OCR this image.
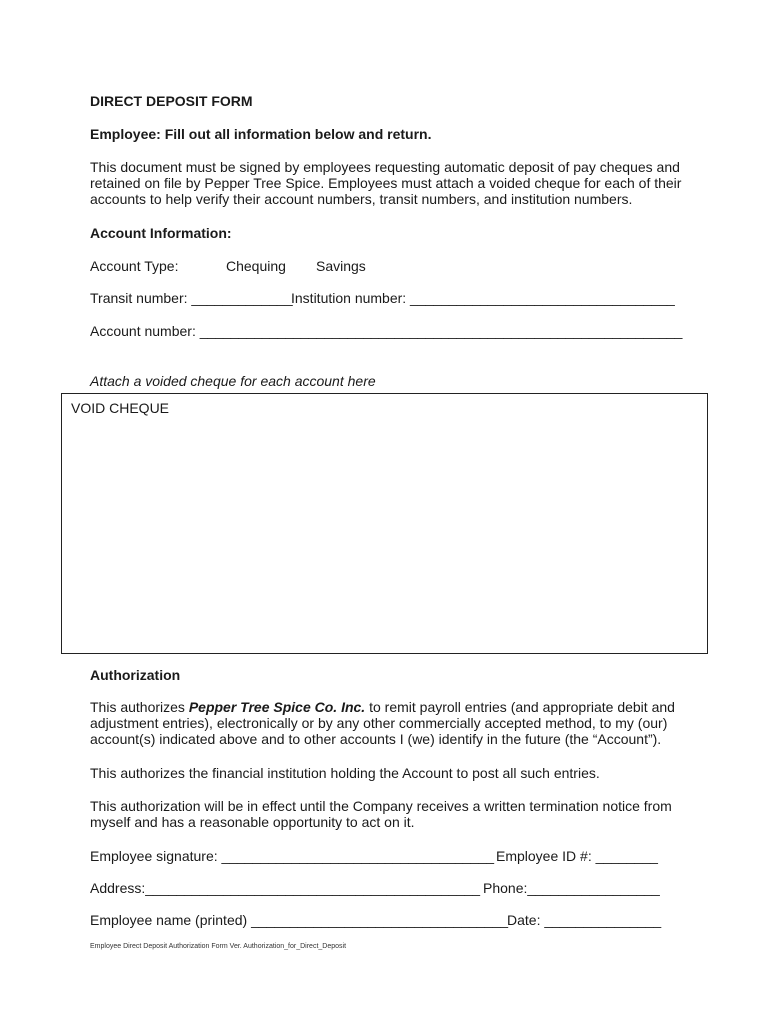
DIRECT DEPOSIT FORM
Employee: Fill out all information below and return.
This document must be signed by employees requesting automatic deposit of pay cheques and retained on file by Pepper Tree Spice. Employees must attach a voided cheque for each of their accounts to help verify their account numbers, transit numbers, and institution numbers.
Account Information:
Account Type:	Chequing Savings
Transit number: _____________
Institution number: __________________________________
Account number: ______________________________________________________________
Attach a voided cheque for each account here
VOID CHEQUE
Authorization
This authorizes Pepper Tree Spice Co. Inc. to remit payroll entries (and appropriate debit and adjustment entries), electronically or by any other commercially accepted method, to my (our) account(s) indicated above and to other accounts I (we) identify in the future (the “Account”).
This authorizes the financial institution holding the Account to post all such entries.
This authorization will be in effect until the Company receives a written termination notice from myself and has a reasonable opportunity to act on it.
Employee signature: ___________________________________ Employee ID #: ________
Address:___________________________________________ Phone:_________________
Employee name (printed) _________________________________
Date: _______________
Employee Direct Deposit Authorization Form Ver. Authorization_for_Direct_Deposit
